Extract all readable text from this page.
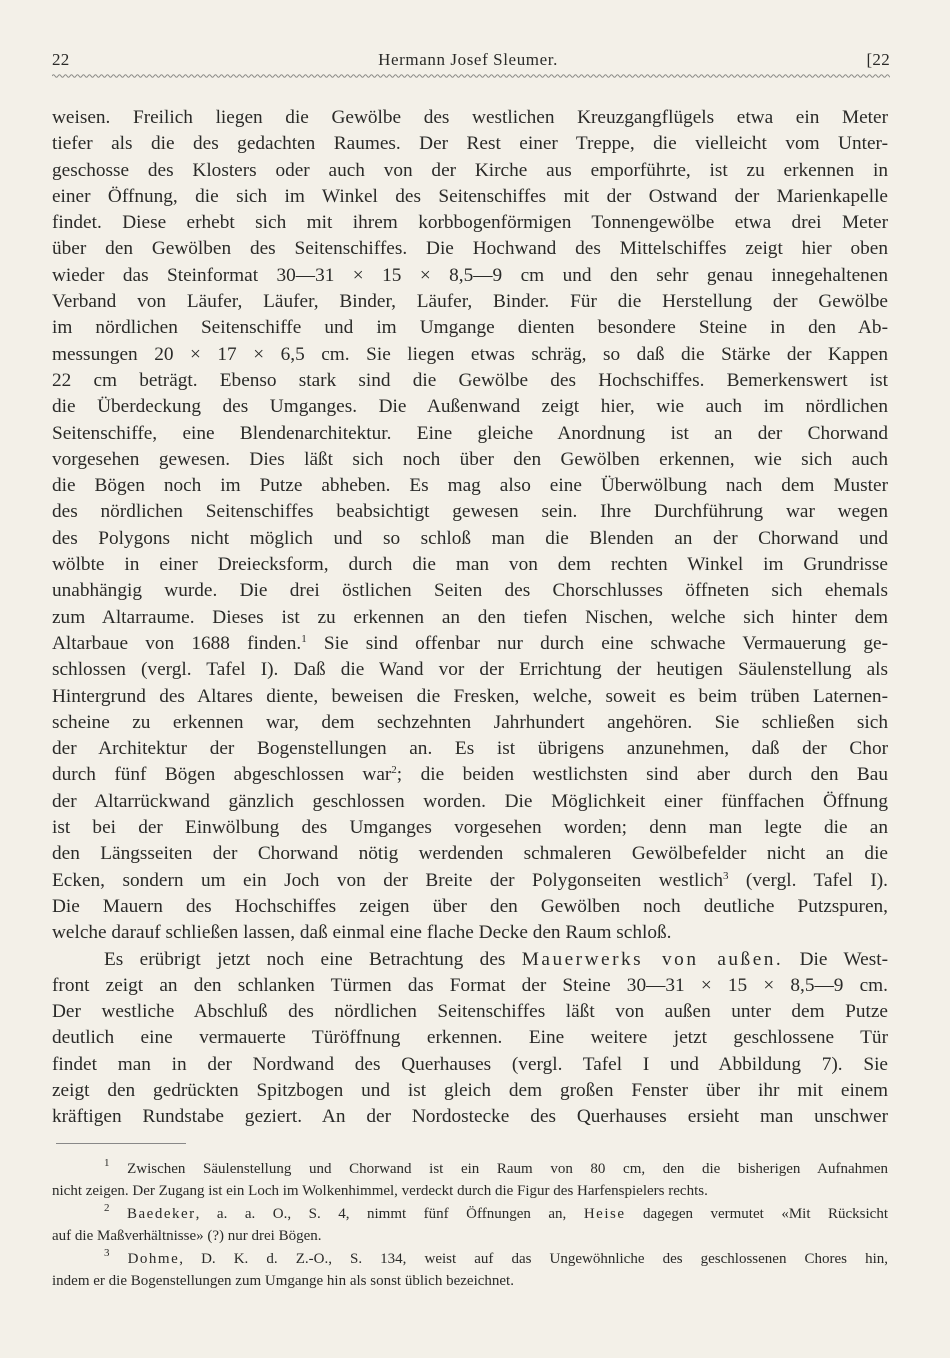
22	Hermann Josef Sleumer.	[22
weisen. Freilich liegen die Gewölbe des westlichen Kreuzgangflügels etwa ein Meter
tiefer als die des gedachten Raumes. Der Rest einer Treppe, die vielleicht vom Unter-
geschosse des Klosters oder auch von der Kirche aus emporführte, ist zu erkennen in
einer Öffnung, die sich im Winkel des Seitenschiffes mit der Ostwand der Marienkapelle
findet. Diese erhebt sich mit ihrem korbbogenförmigen Tonnengewölbe etwa drei Meter
über den Gewölben des Seitenschiffes. Die Hochwand des Mittelschiffes zeigt hier oben
wieder das Steinformat 30—31 × 15 × 8,5—9 cm und den sehr genau innegehaltenen
Verband von Läufer, Läufer, Binder, Läufer, Binder. Für die Herstellung der Gewölbe
im nördlichen Seitenschiffe und im Umgange dienten besondere Steine in den Ab-
messungen 20 × 17 × 6,5 cm. Sie liegen etwas schräg, so daß die Stärke der Kappen
22 cm beträgt. Ebenso stark sind die Gewölbe des Hochschiffes. Bemerkenswert ist
die Überdeckung des Umganges. Die Außenwand zeigt hier, wie auch im nördlichen
Seitenschiffe, eine Blendenarchitektur. Eine gleiche Anordnung ist an der Chorwand
vorgesehen gewesen. Dies läßt sich noch über den Gewölben erkennen, wie sich auch
die Bögen noch im Putze abheben. Es mag also eine Überwölbung nach dem Muster
des nördlichen Seitenschiffes beabsichtigt gewesen sein. Ihre Durchführung war wegen
des Polygons nicht möglich und so schloß man die Blenden an der Chorwand und
wölbte in einer Dreiecksform, durch die man von dem rechten Winkel im Grundrisse
unabhängig wurde. Die drei östlichen Seiten des Chorschlusses öffneten sich ehemals
zum Altarraume. Dieses ist zu erkennen an den tiefen Nischen, welche sich hinter dem
Altarbaue von 1688 finden.$^1$ Sie sind offenbar nur durch eine schwache Vermauerung ge-
schlossen (vergl. Tafel I). Daß die Wand vor der Errichtung der heutigen Säulenstellung als
Hintergrund des Altares diente, beweisen die Fresken, welche, soweit es beim trüben Laternen-
scheine zu erkennen war, dem sechzehnten Jahrhundert angehören. Sie schließen sich
der Architektur der Bogenstellungen an. Es ist übrigens anzunehmen, daß der Chor
durch fünf Bögen abgeschlossen war$^2$; die beiden westlichsten sind aber durch den Bau
der Altarrückwand gänzlich geschlossen worden. Die Möglichkeit einer fünffachen Öffnung
ist bei der Einwölbung des Umganges vorgesehen worden; denn man legte die an
den Längsseiten der Chorwand nötig werdenden schmaleren Gewölbefelder nicht an die
Ecken, sondern um ein Joch von der Breite der Polygonseiten westlich$^3$ (vergl. Tafel I).
Die Mauern des Hochschiffes zeigen über den Gewölben noch deutliche Putzspuren,
welche darauf schließen lassen, daß einmal eine flache Decke den Raum schloß.
Es erübrigt jetzt noch eine Betrachtung des Mauerwerks von außen. Die West-
front zeigt an den schlanken Türmen das Format der Steine 30—31 × 15 × 8,5—9 cm.
Der westliche Abschluß des nördlichen Seitenschiffes läßt von außen unter dem Putze
deutlich eine vermauerte Türöffnung erkennen. Eine weitere jetzt geschlossene Tür
findet man in der Nordwand des Querhauses (vergl. Tafel I und Abbildung 7). Sie
zeigt den gedrückten Spitzbogen und ist gleich dem großen Fenster über ihr mit einem
kräftigen Rundstabe geziert. An der Nordostecke des Querhauses ersieht man unschwer
$^1$ Zwischen Säulenstellung und Chorwand ist ein Raum von 80 cm, den die bisherigen Aufnahmen
nicht zeigen. Der Zugang ist ein Loch im Wolkenhimmel, verdeckt durch die Figur des Harfenspielers rechts.
$^2$ Baedeker, a. a. O., S. 4, nimmt fünf Öffnungen an, Heise dagegen vermutet «Mit Rücksicht
auf die Maßverhältnisse» (?) nur drei Bögen.
$^3$ Dohme, D. K. d. Z.-O., S. 134, weist auf das Ungewöhnliche des geschlossenen Chores hin,
indem er die Bogenstellungen zum Umgange hin als sonst üblich bezeichnet.
